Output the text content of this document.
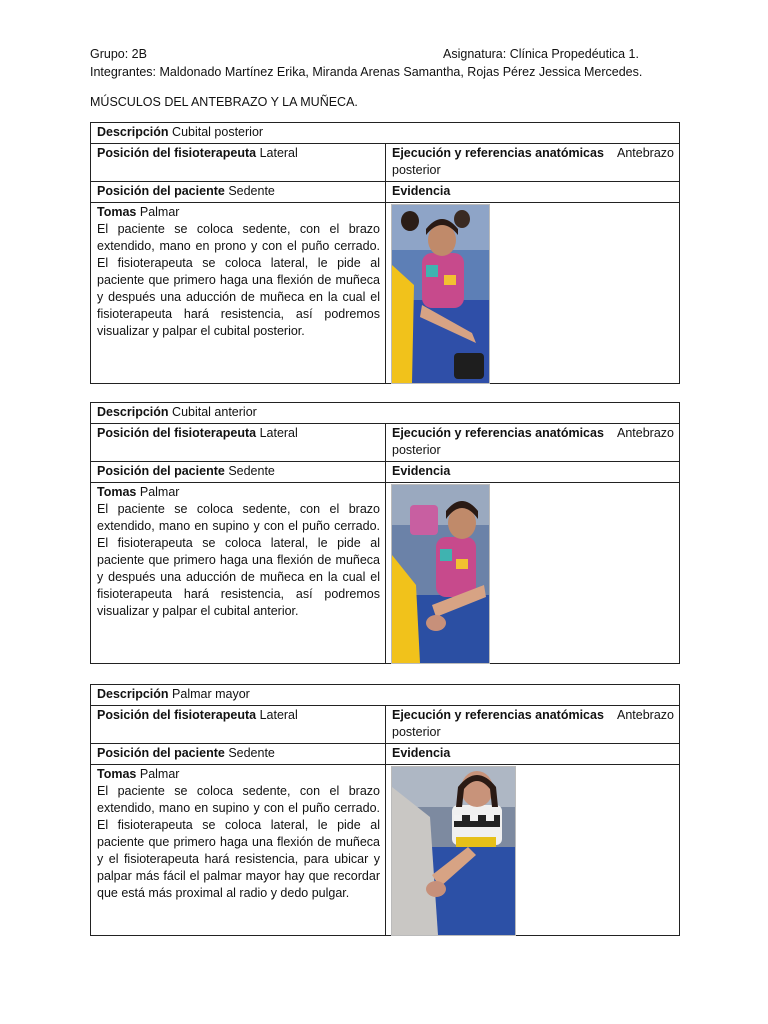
Grupo: 2B	Asignatura: Clínica Propedéutica 1.
Integrantes: Maldonado Martínez Erika, Miranda Arenas Samantha, Rojas Pérez Jessica Mercedes.
MÚSCULOS DEL ANTEBRAZO Y LA MUÑECA.
Descripción Cubital posterior
Posición del fisioterapeuta Lateral	Ejecución y referencias anatómicas Antebrazo
posterior
Posición del paciente Sedente	Evidencia
Tomas Palmar
El paciente se coloca sedente, con el brazo extendido, mano en prono y con el puño cerrado. El fisioterapeuta se coloca lateral, le pide al paciente que primero haga una flexión de muñeca y después una aducción de muñeca en la cual el fisioterapeuta hará resistencia, así podremos visualizar y palpar el cubital posterior.
Descripción Cubital anterior
Posición del fisioterapeuta Lateral	Ejecución y referencias anatómicas Antebrazo
posterior
Posición del paciente Sedente	Evidencia
Tomas Palmar
El paciente se coloca sedente, con el brazo extendido, mano en supino y con el puño cerrado. El fisioterapeuta se coloca lateral, le pide al paciente que primero haga una flexión de muñeca y después una aducción de muñeca en la cual el fisioterapeuta hará resistencia, así podremos visualizar y palpar el cubital anterior.
Descripción Palmar mayor
Posición del fisioterapeuta Lateral	Ejecución y referencias anatómicas Antebrazo
posterior
Posición del paciente Sedente	Evidencia
Tomas Palmar
El paciente se coloca sedente, con el brazo extendido, mano en supino y con el puño cerrado. El fisioterapeuta se coloca lateral, le pide al paciente que primero haga una flexión de muñeca y el fisioterapeuta hará resistencia, para ubicar y palpar más fácil el palmar mayor hay que recordar que está más proximal al radio y dedo pulgar.
